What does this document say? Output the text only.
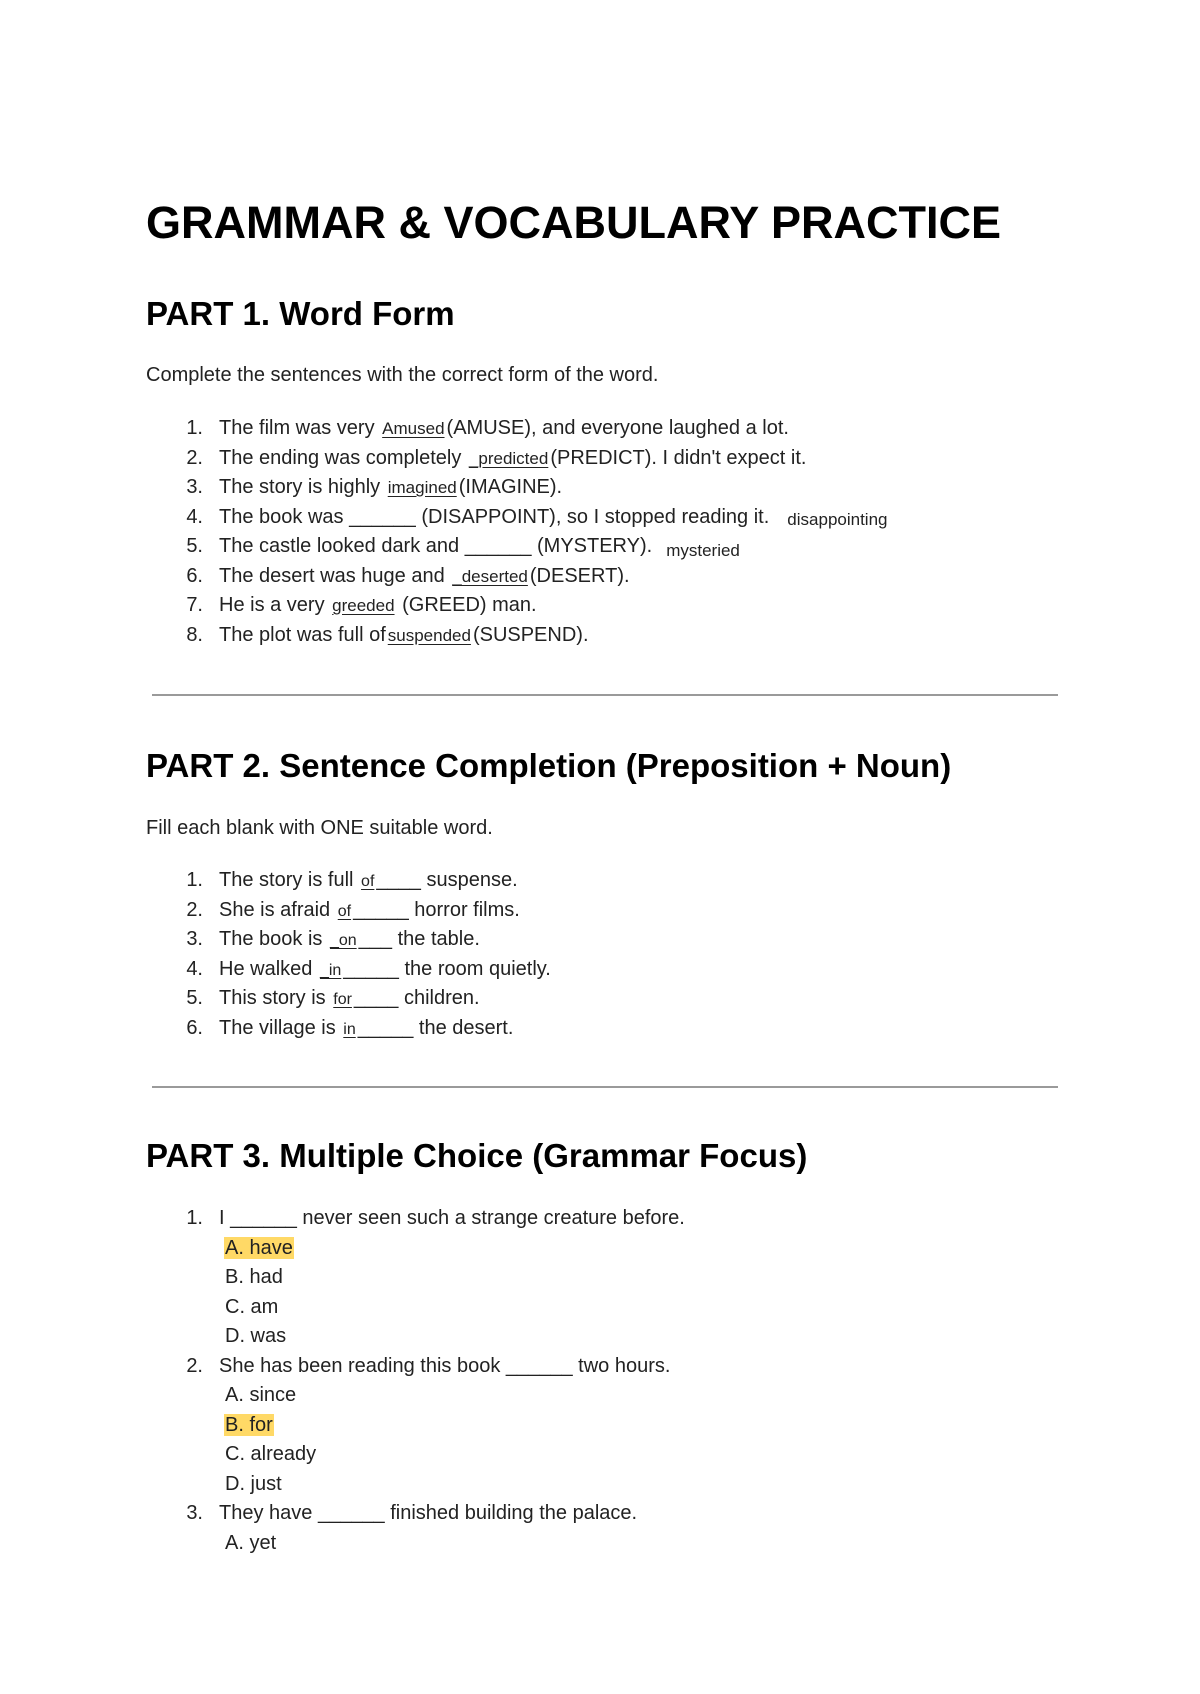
GRAMMAR & VOCABULARY PRACTICE
PART 1. Word Form

Complete the sentences with the correct form of the word.

1. The film was very Amused (AMUSE), and everyone laughed a lot.
2. The ending was completely _predicted (PREDICT). I didn't expect it.
3. The story is highly imagined (IMAGINE).
4. The book was ______ (DISAPPOINT), so I stopped reading it. disappointing
5. The castle looked dark and ______ (MYSTERY). $_{mysteried}$
6. The desert was huge and _deserted (DESERT).
7. He is a very greeded (GREED) man.
8. The plot was full of suspended (SUSPEND).
PART 2. Sentence Completion (Preposition + Noun)

Fill each blank with ONE suitable word.

1. The story is full of ____ suspense.
2. She is afraid of _____ horror films.
3. The book is _on ___ the table.
4. He walked _in _____ the room quietly.
5. This story is for ____ children.
6. The village is in _____ the desert.
PART 3. Multiple Choice (Grammar Focus)
1. I ______ never seen such a strange creature before.
A. have
B. had
C. am
D. was
2. She has been reading this book ______ two hours.
A. since
B. for
C. already
D. just
3. They have ______ finished building the palace.
A. yet
